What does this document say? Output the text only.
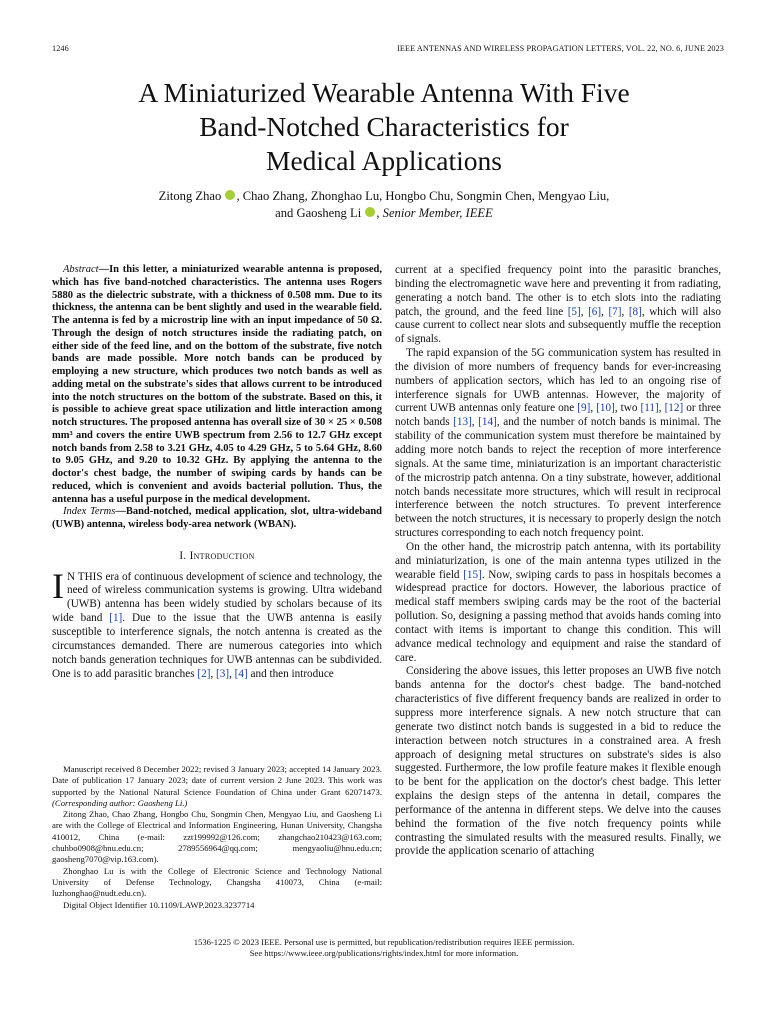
1246	IEEE ANTENNAS AND WIRELESS PROPAGATION LETTERS, VOL. 22, NO. 6, JUNE 2023
A Miniaturized Wearable Antenna With Five
Band-Notched Characteristics for
Medical Applications
Zitong Zhao , Chao Zhang, Zhonghao Lu, Hongbo Chu, Songmin Chen, Mengyao Liu,
and Gaosheng Li , Senior Member, IEEE

Abstract—In this letter, a miniaturized wearable antenna is proposed, which has five band-notched characteristics. The antenna uses Rogers 5880 as the dielectric substrate, with a thickness of 0.508 mm. Due to its thickness, the antenna can be bent slightly and used in the wearable field. The antenna is fed by a microstrip line with an input impedance of 50 Ω. Through the design of notch structures inside the radiating patch, on either side of the feed line, and on the bottom of the substrate, five notch bands are made possible. More notch bands can be produced by employing a new structure, which produces two notch bands as well as adding metal on the substrate's sides that allows current to be introduced into the notch structures on the bottom of the substrate. Based on this, it is possible to achieve great space utilization and little interaction among notch structures. The proposed antenna has overall size of 30 × 25 × 0.508 mm³ and covers the entire UWB spectrum from 2.56 to 12.7 GHz except notch bands from 2.58 to 3.21 GHz, 4.05 to 4.29 GHz, 5 to 5.64 GHz, 8.60 to 9.05 GHz, and 9.20 to 10.32 GHz. By applying the antenna to the doctor's chest badge, the number of swiping cards by hands can be reduced, which is convenient and avoids bacterial pollution. Thus, the antenna has a useful purpose in the medical development.

Index Terms—Band-notched, medical application, slot, ultra-wideband (UWB) antenna, wireless body-area network (WBAN).

I. Introduction

I N THIS era of continuous development of science and technology, the need of wireless communication systems is growing. Ultra wideband (UWB) antenna has been widely studied by scholars because of its wide band [1]. Due to the issue that the UWB antenna is easily susceptible to interference signals, the notch antenna is created as the circumstances demanded. There are numerous categories into which notch bands generation techniques for UWB antennas can be subdivided. One is to add parasitic branches [2], [3], [4] and then introduce

current at a specified frequency point into the parasitic branches, binding the electromagnetic wave here and preventing it from radiating, generating a notch band. The other is to etch slots into the radiating patch, the ground, and the feed line [5], [6], [7], [8], which will also cause current to collect near slots and subsequently muffle the reception of signals.

The rapid expansion of the 5G communication system has resulted in the division of more numbers of frequency bands for ever-increasing numbers of application sectors, which has led to an ongoing rise of interference signals for UWB antennas. However, the majority of current UWB antennas only feature one [9], [10], two [11], [12] or three notch bands [13], [14], and the number of notch bands is minimal. The stability of the communication system must therefore be maintained by adding more notch bands to reject the reception of more interference signals. At the same time, miniaturization is an important characteristic of the microstrip patch antenna. On a tiny substrate, however, additional notch bands necessitate more structures, which will result in reciprocal interference between the notch structures. To prevent interference between the notch structures, it is necessary to properly design the notch structures corresponding to each notch frequency point.

On the other hand, the microstrip patch antenna, with its portability and miniaturization, is one of the main antenna types utilized in the wearable field [15]. Now, swiping cards to pass in hospitals becomes a widespread practice for doctors. However, the laborious practice of medical staff members swiping cards may be the root of the bacterial pollution. So, designing a passing method that avoids hands coming into contact with items is important to change this condition. This will advance medical technology and equipment and raise the standard of care.

Considering the above issues, this letter proposes an UWB five notch bands antenna for the doctor's chest badge. The band-notched characteristics of five different frequency bands are realized in order to suppress more interference signals. A new notch structure that can generate two distinct notch bands is suggested in a bid to reduce the interaction between notch structures in a constrained area. A fresh approach of designing metal structures on substrate's sides is also suggested. Furthermore, the low profile feature makes it flexible enough to be bent for the application on the doctor's chest badge. This letter explains the design steps of the antenna in detail, compares the performance of the antenna in different steps. We delve into the causes behind the formation of the five notch frequency points while contrasting the simulated results with the measured results. Finally, we provide the application scenario of attaching

Manuscript received 8 December 2022; revised 3 January 2023; accepted 14 January 2023. Date of publication 17 January 2023; date of current version 2 June 2023. This work was supported by the National Natural Science Foundation of China under Grant 62071473. (Corresponding author: Gaosheng Li.)

Zitong Zhao, Chao Zhang, Hongbo Chu, Songmin Chen, Mengyao Liu, and Gaosheng Li are with the College of Electrical and Information Engineering, Hunan University, Changsha 410012, China (e-mail: zzt199992@126.com; zhangchao210423@163.com; chuhbo0908@hnu.edu.cn; 2789556964@qq.com; mengyaoliu@hnu.edu.cn; gaosheng7070@vip.163.com).

Zhonghao Lu is with the College of Electronic Science and Technology National University of Defense Technology, Changsha 410073, China (e-mail: luzhonghao@nudt.edu.cn).

Digital Object Identifier 10.1109/LAWP.2023.3237714

1536-1225 © 2023 IEEE. Personal use is permitted, but republication/redistribution requires IEEE permission.
See https://www.ieee.org/publications/rights/index.html for more information.
